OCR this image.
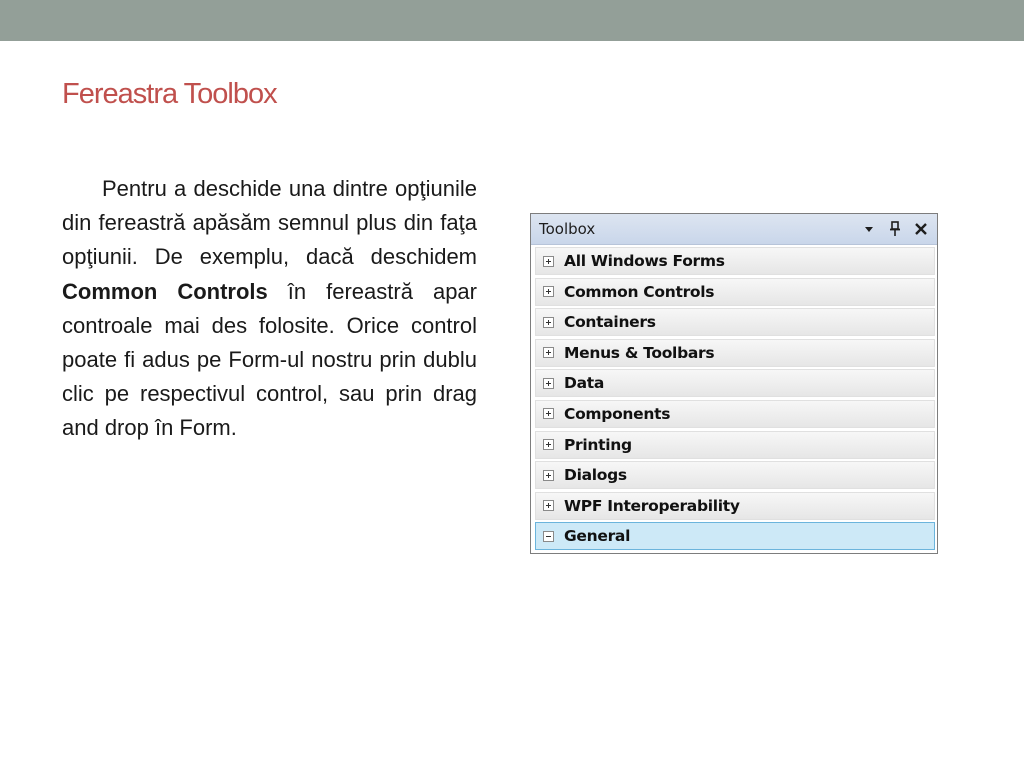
Fereastra Toolbox

Pentru a deschide una dintre opţiunile din fereastră apăsăm semnul plus din faţa opţiunii. De exemplu, dacă deschidem Common Controls în fereastră apar controale mai des folosite. Orice control poate fi adus pe Form-ul nostru prin dublu clic pe respectivul control, sau prin drag and drop în Form.

Toolbox
All Windows Forms
Common Controls
Containers
Menus & Toolbars
Data
Components
Printing
Dialogs
WPF Interoperability
General
